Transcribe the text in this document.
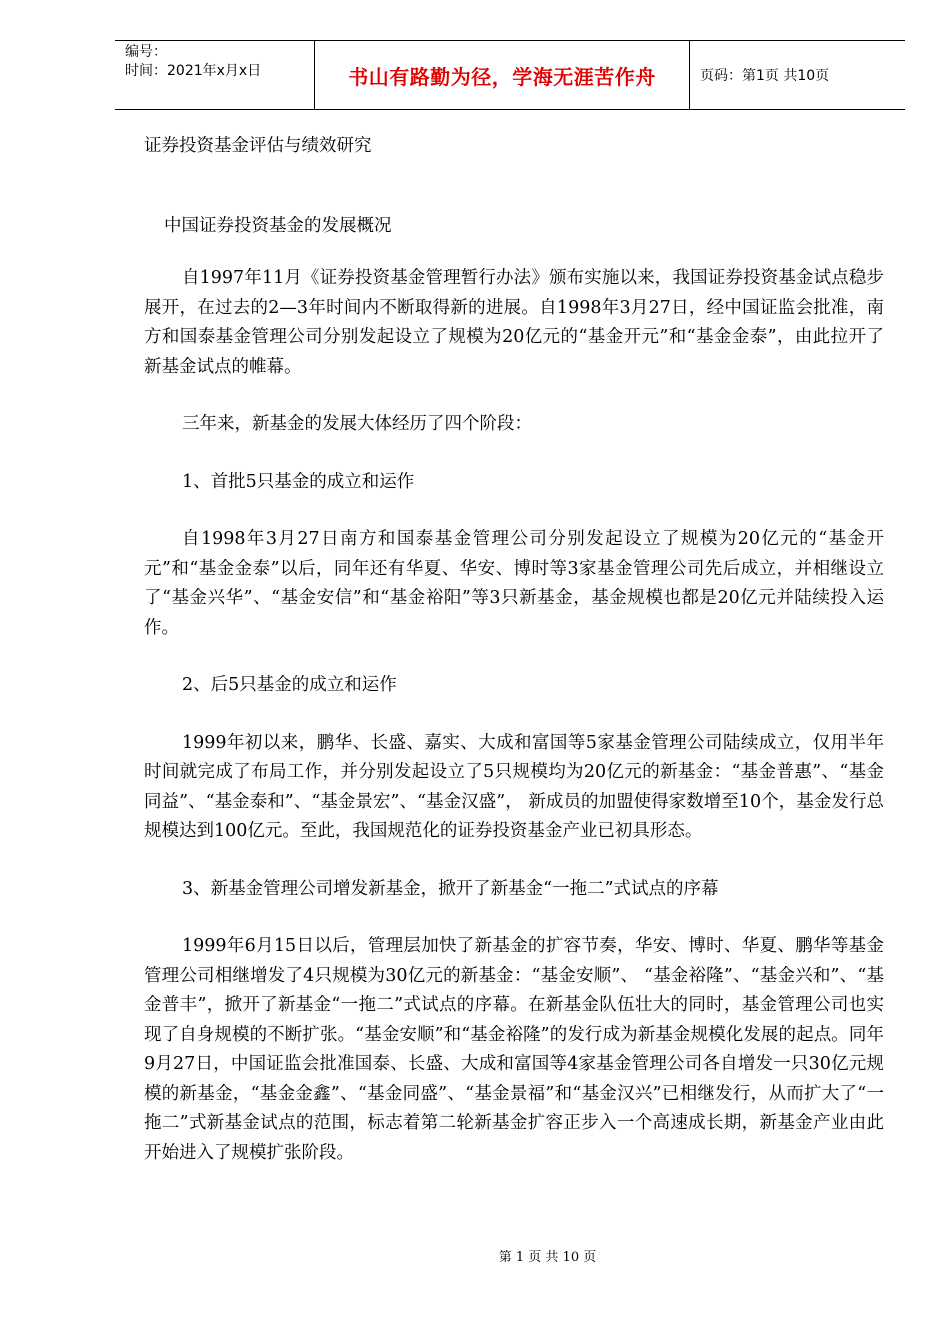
编号：
时间：2021年x月x日	书山有路勤为径，学海无涯苦作舟	页码：第1页 共10页

证券投资基金评估与绩效研究

中国证券投资基金的发展概况

自1997年11月《证券投资基金管理暂行办法》颁布实施以来，我国证券投资基金试点稳步展开，在过去的2—3年时间内不断取得新的进展。自1998年3月27日，经中国证监会批准，南方和国泰基金管理公司分别发起设立了规模为20亿元的“基金开元”和“基金金泰”，由此拉开了新基金试点的帷幕。

三年来，新基金的发展大体经历了四个阶段：

1、首批5只基金的成立和运作

自1998年3月27日南方和国泰基金管理公司分别发起设立了规模为20亿元的“基金开元”和“基金金泰”以后，同年还有华夏、华安、博时等3家基金管理公司先后成立，并相继设立了“基金兴华”、“基金安信”和“基金裕阳”等3只新基金，基金规模也都是20亿元并陆续投入运作。

2、后5只基金的成立和运作

1999年初以来，鹏华、长盛、嘉实、大成和富国等5家基金管理公司陆续成立，仅用半年时间就完成了布局工作，并分别发起设立了5只规模均为20亿元的新基金：“基金普惠”、“基金同益”、“基金泰和”、“基金景宏”、“基金汉盛”， 新成员的加盟使得家数增至10个，基金发行总规模达到100亿元。至此，我国规范化的证券投资基金产业已初具形态。

3、新基金管理公司增发新基金，掀开了新基金“一拖二”式试点的序幕

1999年6月15日以后，管理层加快了新基金的扩容节奏，华安、博时、华夏、鹏华等基金管理公司相继增发了4只规模为30亿元的新基金：“基金安顺”、 “基金裕隆”、“基金兴和”、“基金普丰”，掀开了新基金“一拖二”式试点的序幕。在新基金队伍壮大的同时，基金管理公司也实现了自身规模的不断扩张。“基金安顺”和“基金裕隆”的发行成为新基金规模化发展的起点。同年9月27日，中国证监会批准国泰、长盛、大成和富国等4家基金管理公司各自增发一只30亿元规模的新基金，“基金金鑫”、“基金同盛”、“基金景福”和“基金汉兴”已相继发行，从而扩大了“一拖二”式新基金试点的范围，标志着第二轮新基金扩容正步入一个高速成长期，新基金产业由此开始进入了规模扩张阶段。

第 1 页 共 10 页
